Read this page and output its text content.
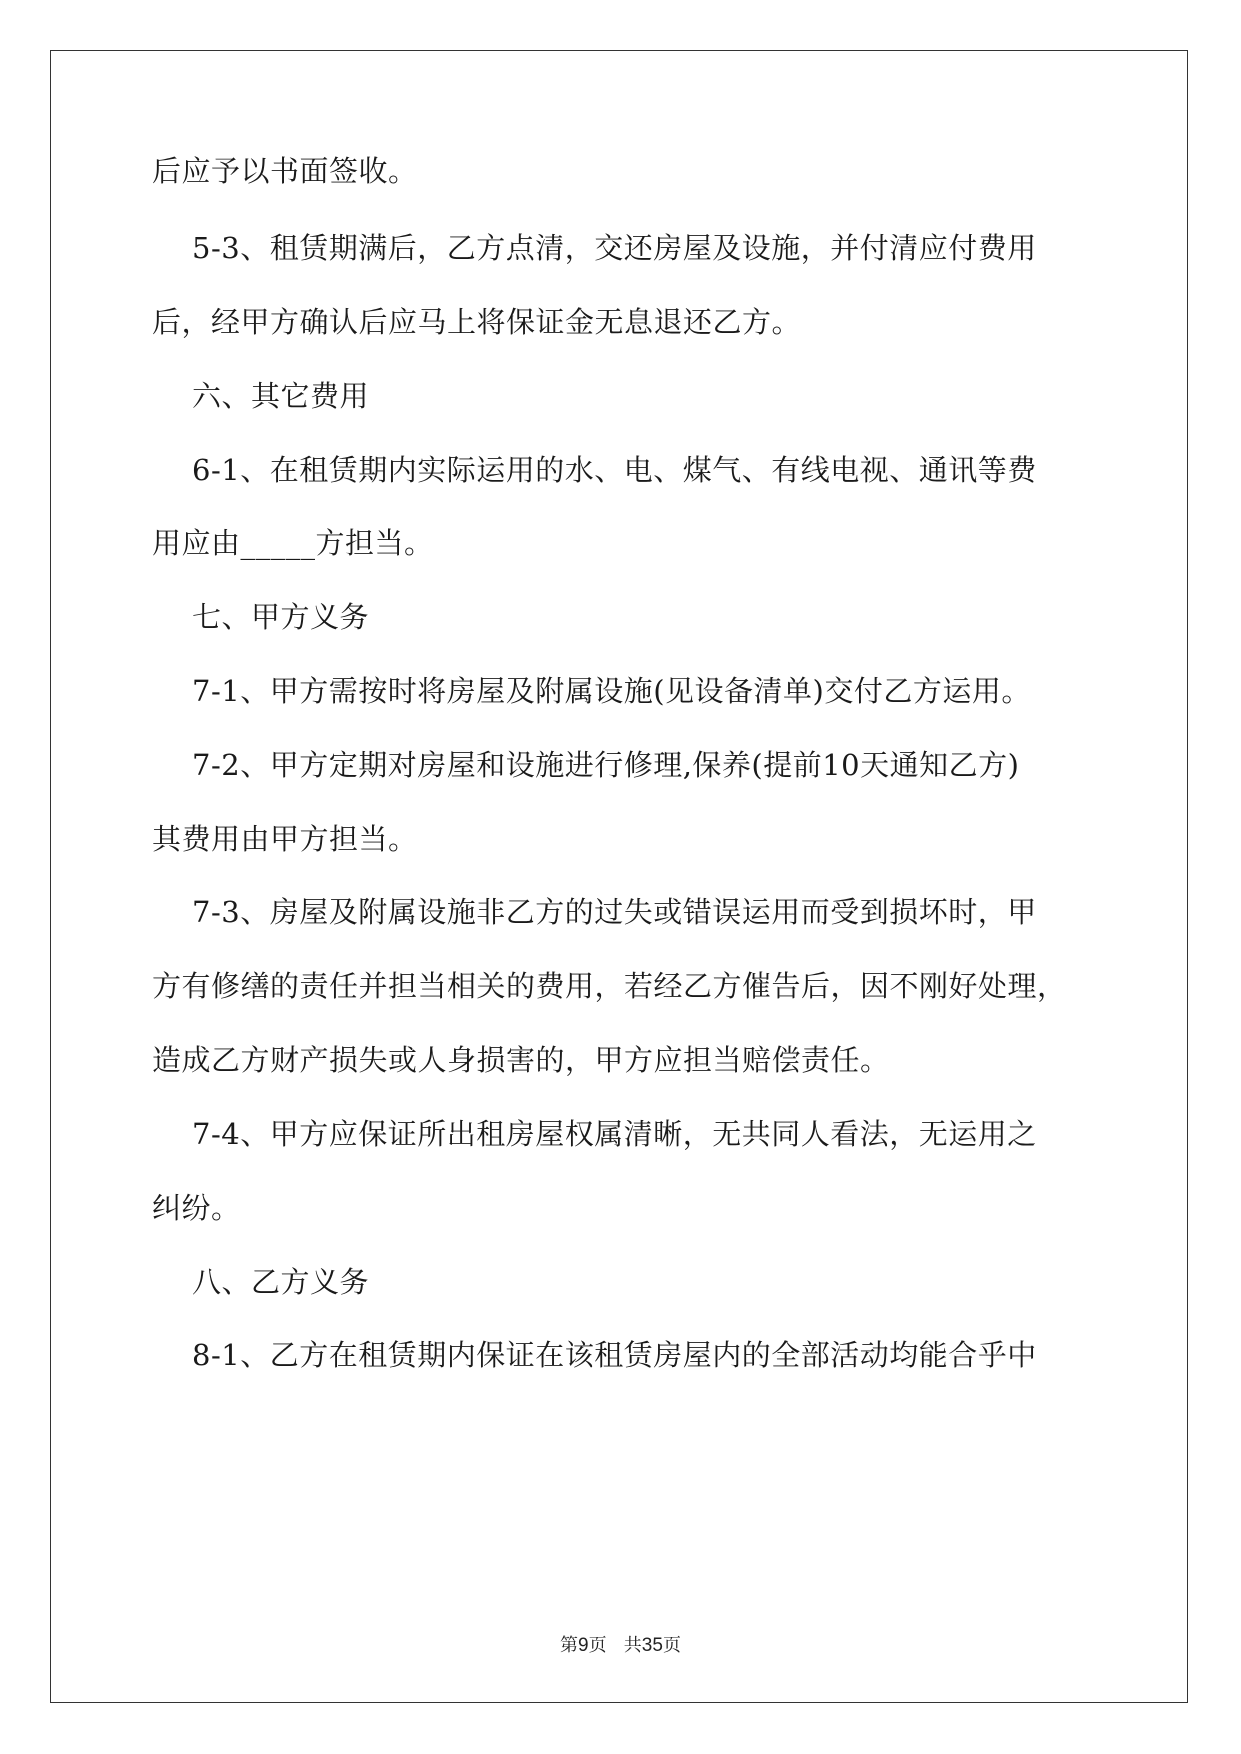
后应予以书面签收。
5-3、租赁期满后，乙方点清，交还房屋及设施，并付清应付费用
后，经甲方确认后应马上将保证金无息退还乙方。
六、其它费用
6-1、在租赁期内实际运用的水、电、煤气、有线电视、通讯等费
用应由_____方担当。
七、甲方义务
7-1、甲方需按时将房屋及附属设施(见设备清单)交付乙方运用。
7-2、甲方定期对房屋和设施进行修理,保养(提前10天通知乙方)
其费用由甲方担当。
7-3、房屋及附属设施非乙方的过失或错误运用而受到损坏时，甲
方有修缮的责任并担当相关的费用，若经乙方催告后，因不刚好处理，
造成乙方财产损失或人身损害的，甲方应担当赔偿责任。
7-4、甲方应保证所出租房屋权属清晰，无共同人看法，无运用之
纠纷。
八、乙方义务
8-1、乙方在租赁期内保证在该租赁房屋内的全部活动均能合乎中
第9页 共35页
